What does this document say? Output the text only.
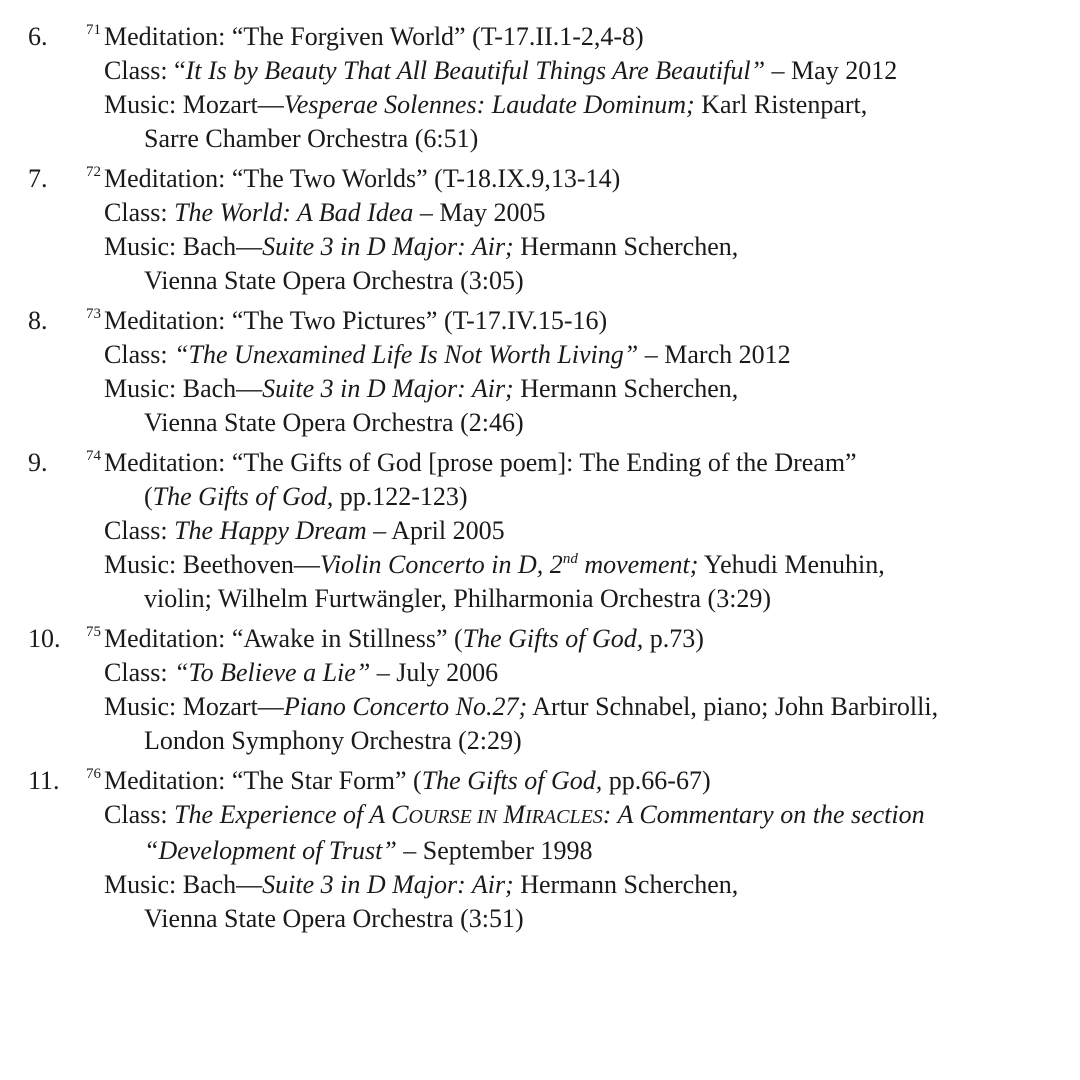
6.	71 Meditation: “The Forgiven World” (T-17.II.1-2,4-8)
Class: “It Is by Beauty That All Beautiful Things Are Beautiful” – May 2012
Music: Mozart—Vesperae Solennes: Laudate Dominum; Karl Ristenpart,
Sarre Chamber Orchestra (6:51)
7.	72 Meditation: “The Two Worlds” (T-18.IX.9,13-14)
Class: The World: A Bad Idea – May 2005
Music: Bach—Suite 3 in D Major: Air; Hermann Scherchen,
Vienna State Opera Orchestra (3:05)
8.	73 Meditation: “The Two Pictures” (T-17.IV.15-16)
Class: “The Unexamined Life Is Not Worth Living” – March 2012
Music: Bach—Suite 3 in D Major: Air; Hermann Scherchen,
Vienna State Opera Orchestra (2:46)
9.	74 Meditation: “The Gifts of God [prose poem]: The Ending of the Dream”
(The Gifts of God, pp.122-123)
Class: The Happy Dream – April 2005
Music: Beethoven—Violin Concerto in D, 2nd movement; Yehudi Menuhin,
violin; Wilhelm Furtwängler, Philharmonia Orchestra (3:29)
10. 75 Meditation: “Awake in Stillness” (The Gifts of God, p.73)
Class: “To Believe a Lie” – July 2006
Music: Mozart—Piano Concerto No.27; Artur Schnabel, piano; John Barbirolli,
London Symphony Orchestra (2:29)
11. 76 Meditation: “The Star Form” (The Gifts of God, pp.66-67)
Class: The Experience of A COURSE IN MIRACLES: A Commentary on the section
“Development of Trust” – September 1998
Music: Bach—Suite 3 in D Major: Air; Hermann Scherchen,
Vienna State Opera Orchestra (3:51)
